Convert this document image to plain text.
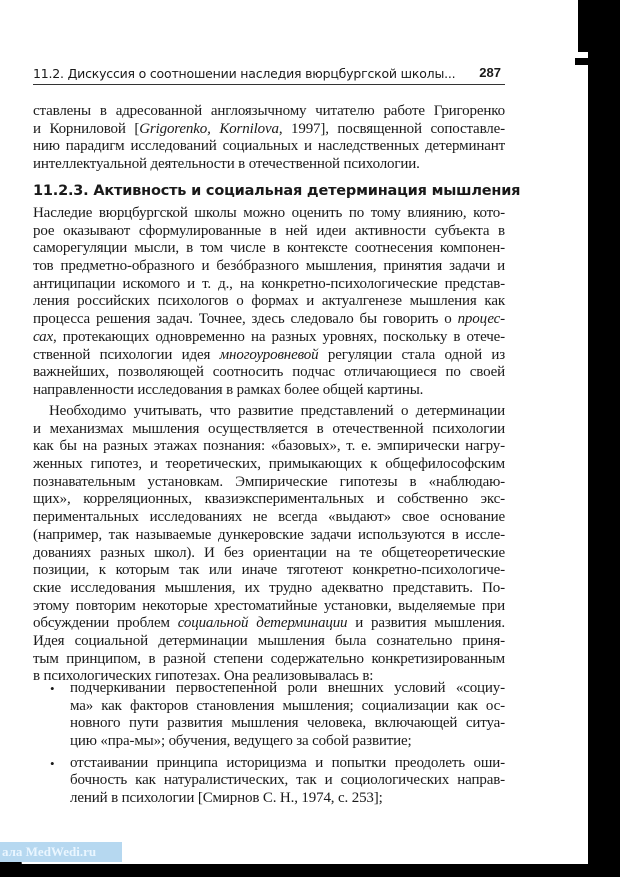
11.2. Дискуссия о соотношении наследия вюрцбургской школы... 287
ставлены в адресованной англоязычному читателю работе Григоренко
и Корниловой [Grigorenko, Kornilova, 1997], посвященной сопоставле-
нию парадигм исследований социальных и наследственных детерминант
интеллектуальной деятельности в отечественной психологии.
11.2.3. Активность и социальная детерминация мышления
Наследие вюрцбургской школы можно оценить по тому влиянию, кото-
рое оказывают сформулированные в ней идеи активности субъекта в
саморегуляции мысли, в том числе в контексте соотнесения компонен-
тов предметно-образного и безóбразного мышления, принятия задачи и
антиципации искомого и т. д., на конкретно-психологические представ-
ления российских психологов о формах и актуалгенезе мышления как
процесса решения задач. Точнее, здесь следовало бы говорить о процес-
сах, протекающих одновременно на разных уровнях, поскольку в отече-
ственной психологии идея многоуровневой регуляции стала одной из
важнейших, позволяющей соотносить подчас отличающиеся по своей
направленности исследования в рамках более общей картины.
Необходимо учитывать, что развитие представлений о детерминации
и механизмах мышления осуществляется в отечественной психологии
как бы на разных этажах познания: «базовых», т. е. эмпирически нагру-
женных гипотез, и теоретических, примыкающих к общефилософским
познавательным установкам. Эмпирические гипотезы в «наблюдаю-
щих», корреляционных, квазиэкспериментальных и собственно экс-
периментальных исследованиях не всегда «выдают» свое основание
(например, так называемые дункеровские задачи используются в иссле-
дованиях разных школ). И без ориентации на те общетеоретические
позиции, к которым так или иначе тяготеют конкретно-психологиче-
ские исследования мышления, их трудно адекватно представить. По-
этому повторим некоторые хрестоматийные установки, выделяемые при
обсуждении проблем социальной детерминации и развития мышления.
Идея социальной детерминации мышления была сознательно приня-
тым принципом, в разной степени содержательно конкретизированным
в психологических гипотезах. Она реализовывалась в:
• подчеркивании первостепенной роли внешних условий «социу-
ма» как факторов становления мышления; социализации как ос-
новного пути развития мышления человека, включающей ситуа-
цию «пра-мы»; обучения, ведущего за собой развитие;
• отстаивании принципа историцизма и попытки преодолеть оши-
бочность как натуралистических, так и социологических направ-
лений в психологии [Смирнов С. Н., 1974, с. 253];
ала MedWedi.ru
